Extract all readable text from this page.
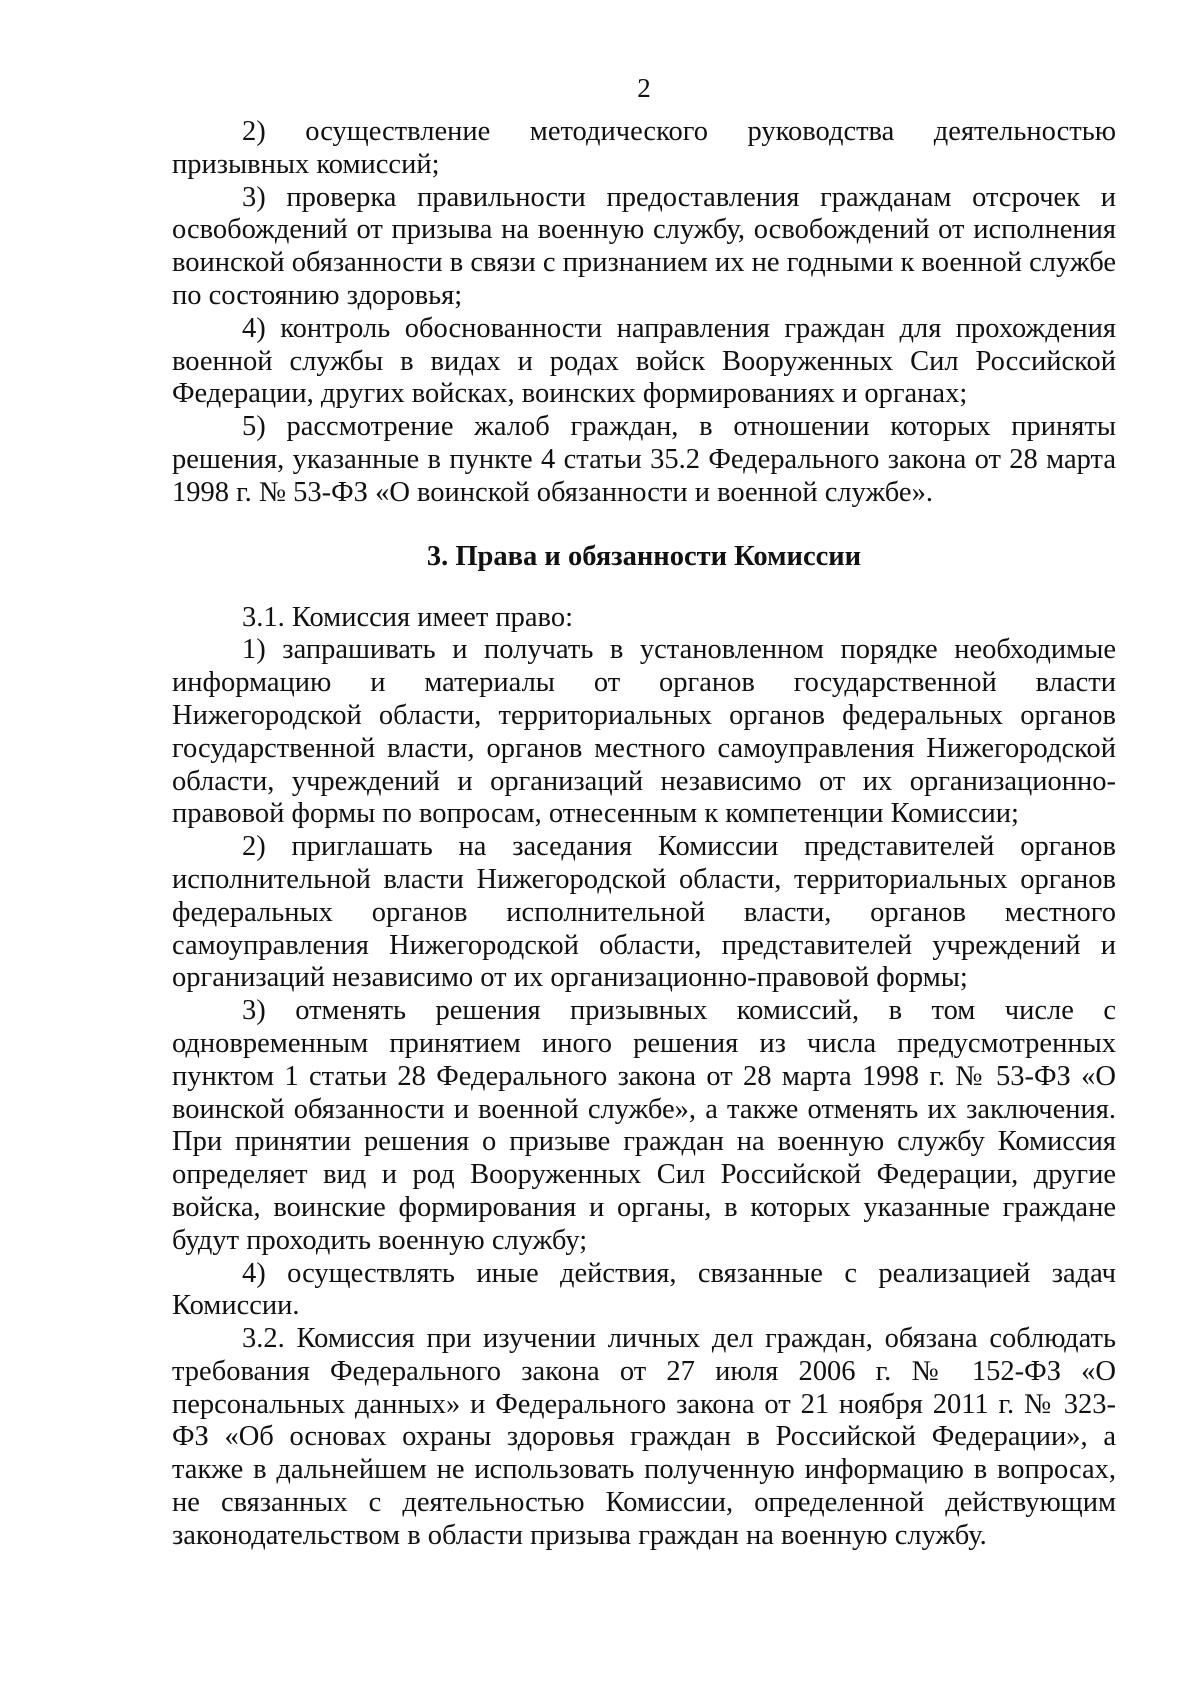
2

2) осуществление методического руководства деятельностью призывных комиссий;

3) проверка правильности предоставления гражданам отсрочек и освобождений от призыва на военную службу, освобождений от исполнения воинской обязанности в связи с признанием их не годными к военной службе по состоянию здоровья;

4) контроль обоснованности направления граждан для прохождения военной службы в видах и родах войск Вооруженных Сил Российской Федерации, других войсках, воинских формированиях и органах;

5) рассмотрение жалоб граждан, в отношении которых приняты решения, указанные в пункте 4 статьи 35.2 Федерального закона от 28 марта 1998 г. № 53-ФЗ «О воинской обязанности и военной службе».

3. Права и обязанности Комиссии

3.1. Комиссия имеет право:

1) запрашивать и получать в установленном порядке необходимые информацию и материалы от органов государственной власти Нижегородской области, территориальных органов федеральных органов государственной власти, органов местного самоуправления Нижегородской области, учреждений и организаций независимо от их организационно-правовой формы по вопросам, отнесенным к компетенции Комиссии;

2) приглашать на заседания Комиссии представителей органов исполнительной власти Нижегородской области, территориальных органов федеральных органов исполнительной власти, органов местного самоуправления Нижегородской области, представителей учреждений и организаций независимо от их организационно-правовой формы;

3) отменять решения призывных комиссий, в том числе с одновременным принятием иного решения из числа предусмотренных пунктом 1 статьи 28 Федерального закона от 28 марта 1998 г. № 53-ФЗ «О воинской обязанности и военной службе», а также отменять их заключения. При принятии решения о призыве граждан на военную службу Комиссия определяет вид и род Вооруженных Сил Российской Федерации, другие войска, воинские формирования и органы, в которых указанные граждане будут проходить военную службу;

4) осуществлять иные действия, связанные с реализацией задач Комиссии.

3.2. Комиссия при изучении личных дел граждан, обязана соблюдать требования Федерального закона от 27 июля 2006 г. № 152-ФЗ «О персональных данных» и Федерального закона от 21 ноября 2011 г. № 323-ФЗ «Об основах охраны здоровья граждан в Российской Федерации», а также в дальнейшем не использовать полученную информацию в вопросах, не связанных с деятельностью Комиссии, определенной действующим законодательством в области призыва граждан на военную службу.
